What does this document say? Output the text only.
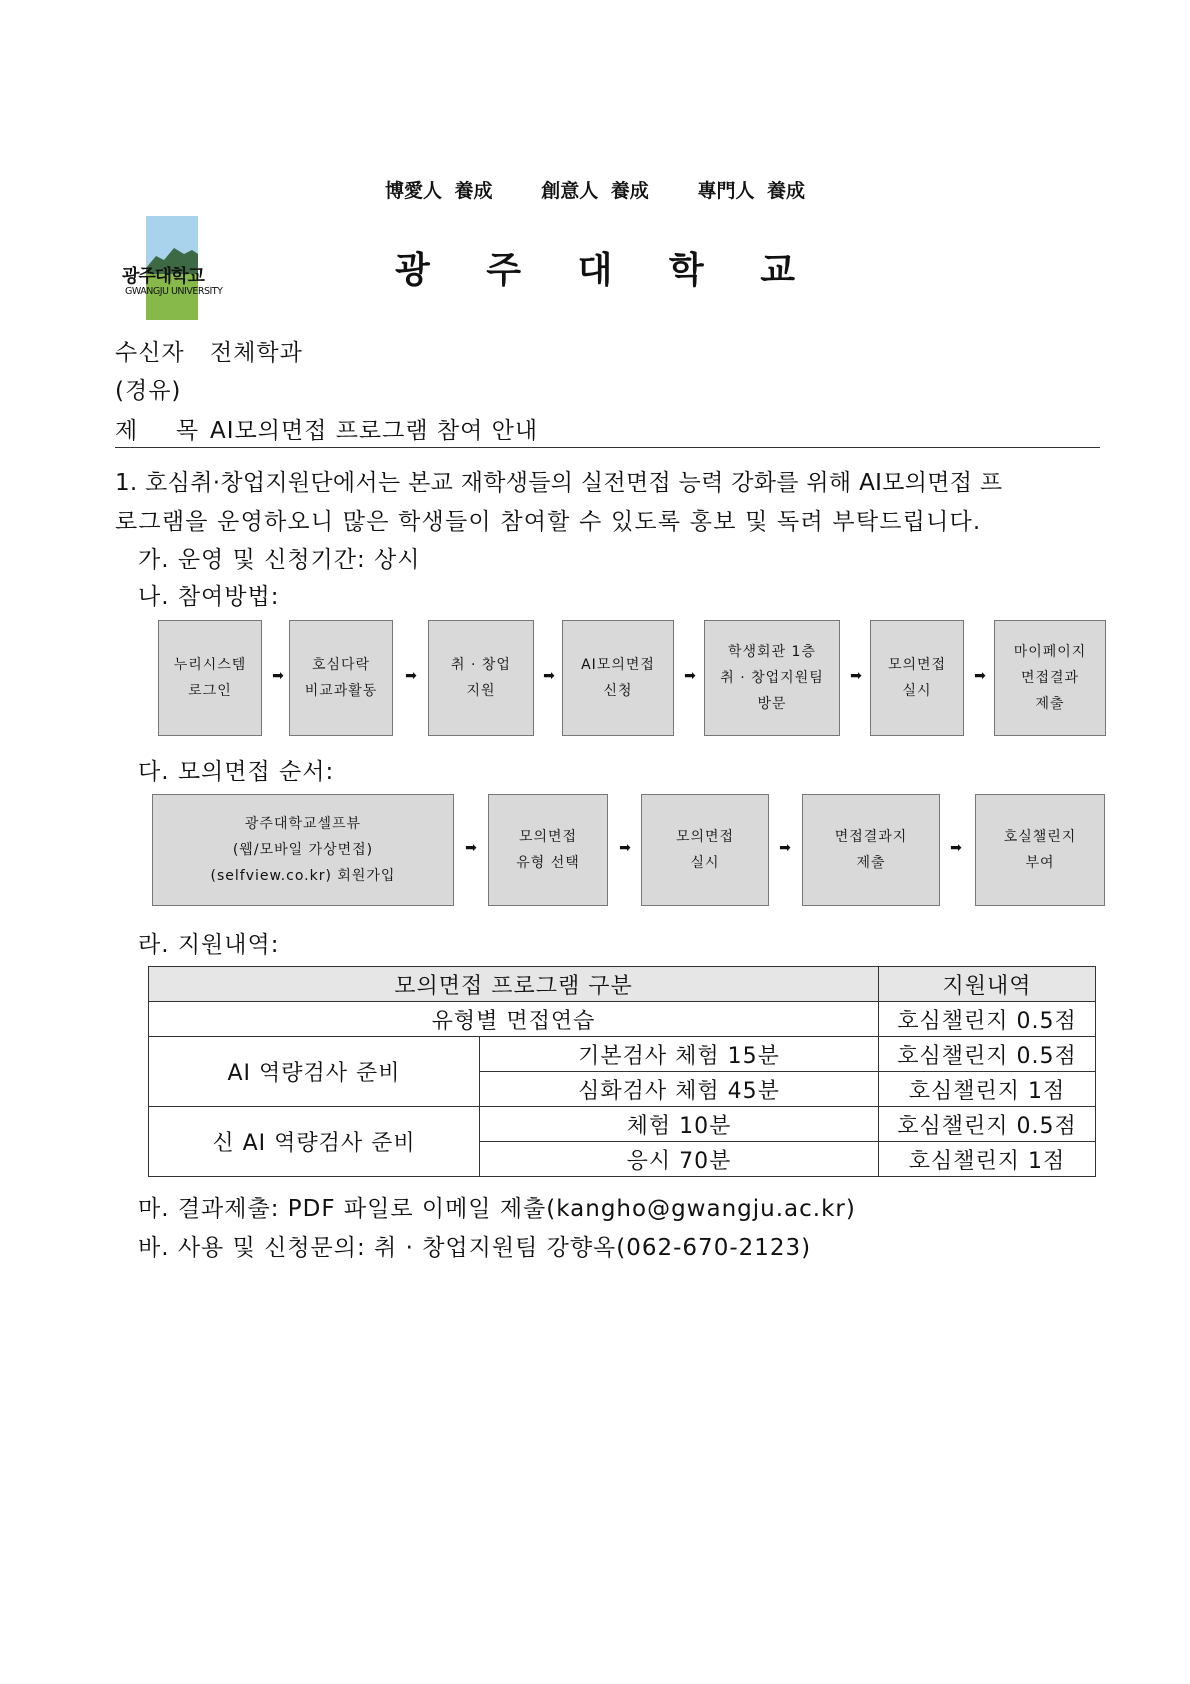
博愛人 養成	創意人 養成	專門人 養成
광주대학교
GWANGJU UNIVERSITY
광 주 대 학 교
수신자 전체학과
(경유)
제  목 AI모의면접 프로그램 참여 안내
1. 호심취·창업지원단에서는 본교 재학생들의 실전면접 능력 강화를 위해 AI모의면접 프
로그램을 운영하오니 많은 학생들이 참여할 수 있도록 홍보 및 독려 부탁드립니다.
가. 운영 및 신청기간: 상시
나. 참여방법:
누리시스템
로그인
➡
호심다락
비교과활동
➡
취 · 창업
지원
➡
AI모의면접
신청
➡
학생회관 1층
취 · 창업지원팀
방문
➡
모의면접
실시
➡
마이페이지
면접결과
제출
다. 모의면접 순서:
광주대학교셀프뷰
(웹/모바일 가상면접)
(selfview.co.kr) 회원가입
➡
모의면접
유형 선택
➡
모의면접
실시
➡
면접결과지
제출
➡
호실챌린지
부여
라. 지원내역:
모의면접 프로그램 구분		지원내역
유형별 면접연습		호심챌린지 0.5점
AI 역량검사 준비	기본검사 체험 15분	호심챌린지 0.5점
	심화검사 체험 45분	호심챌린지 1점
신 AI 역량검사 준비	체험 10분	호심챌린지 0.5점
	응시 70분	호심챌린지 1점
마. 결과제출: PDF 파일로 이메일 제출(kangho@gwangju.ac.kr)
바. 사용 및 신청문의: 취 · 창업지원팀 강향옥(062-670-2123)
